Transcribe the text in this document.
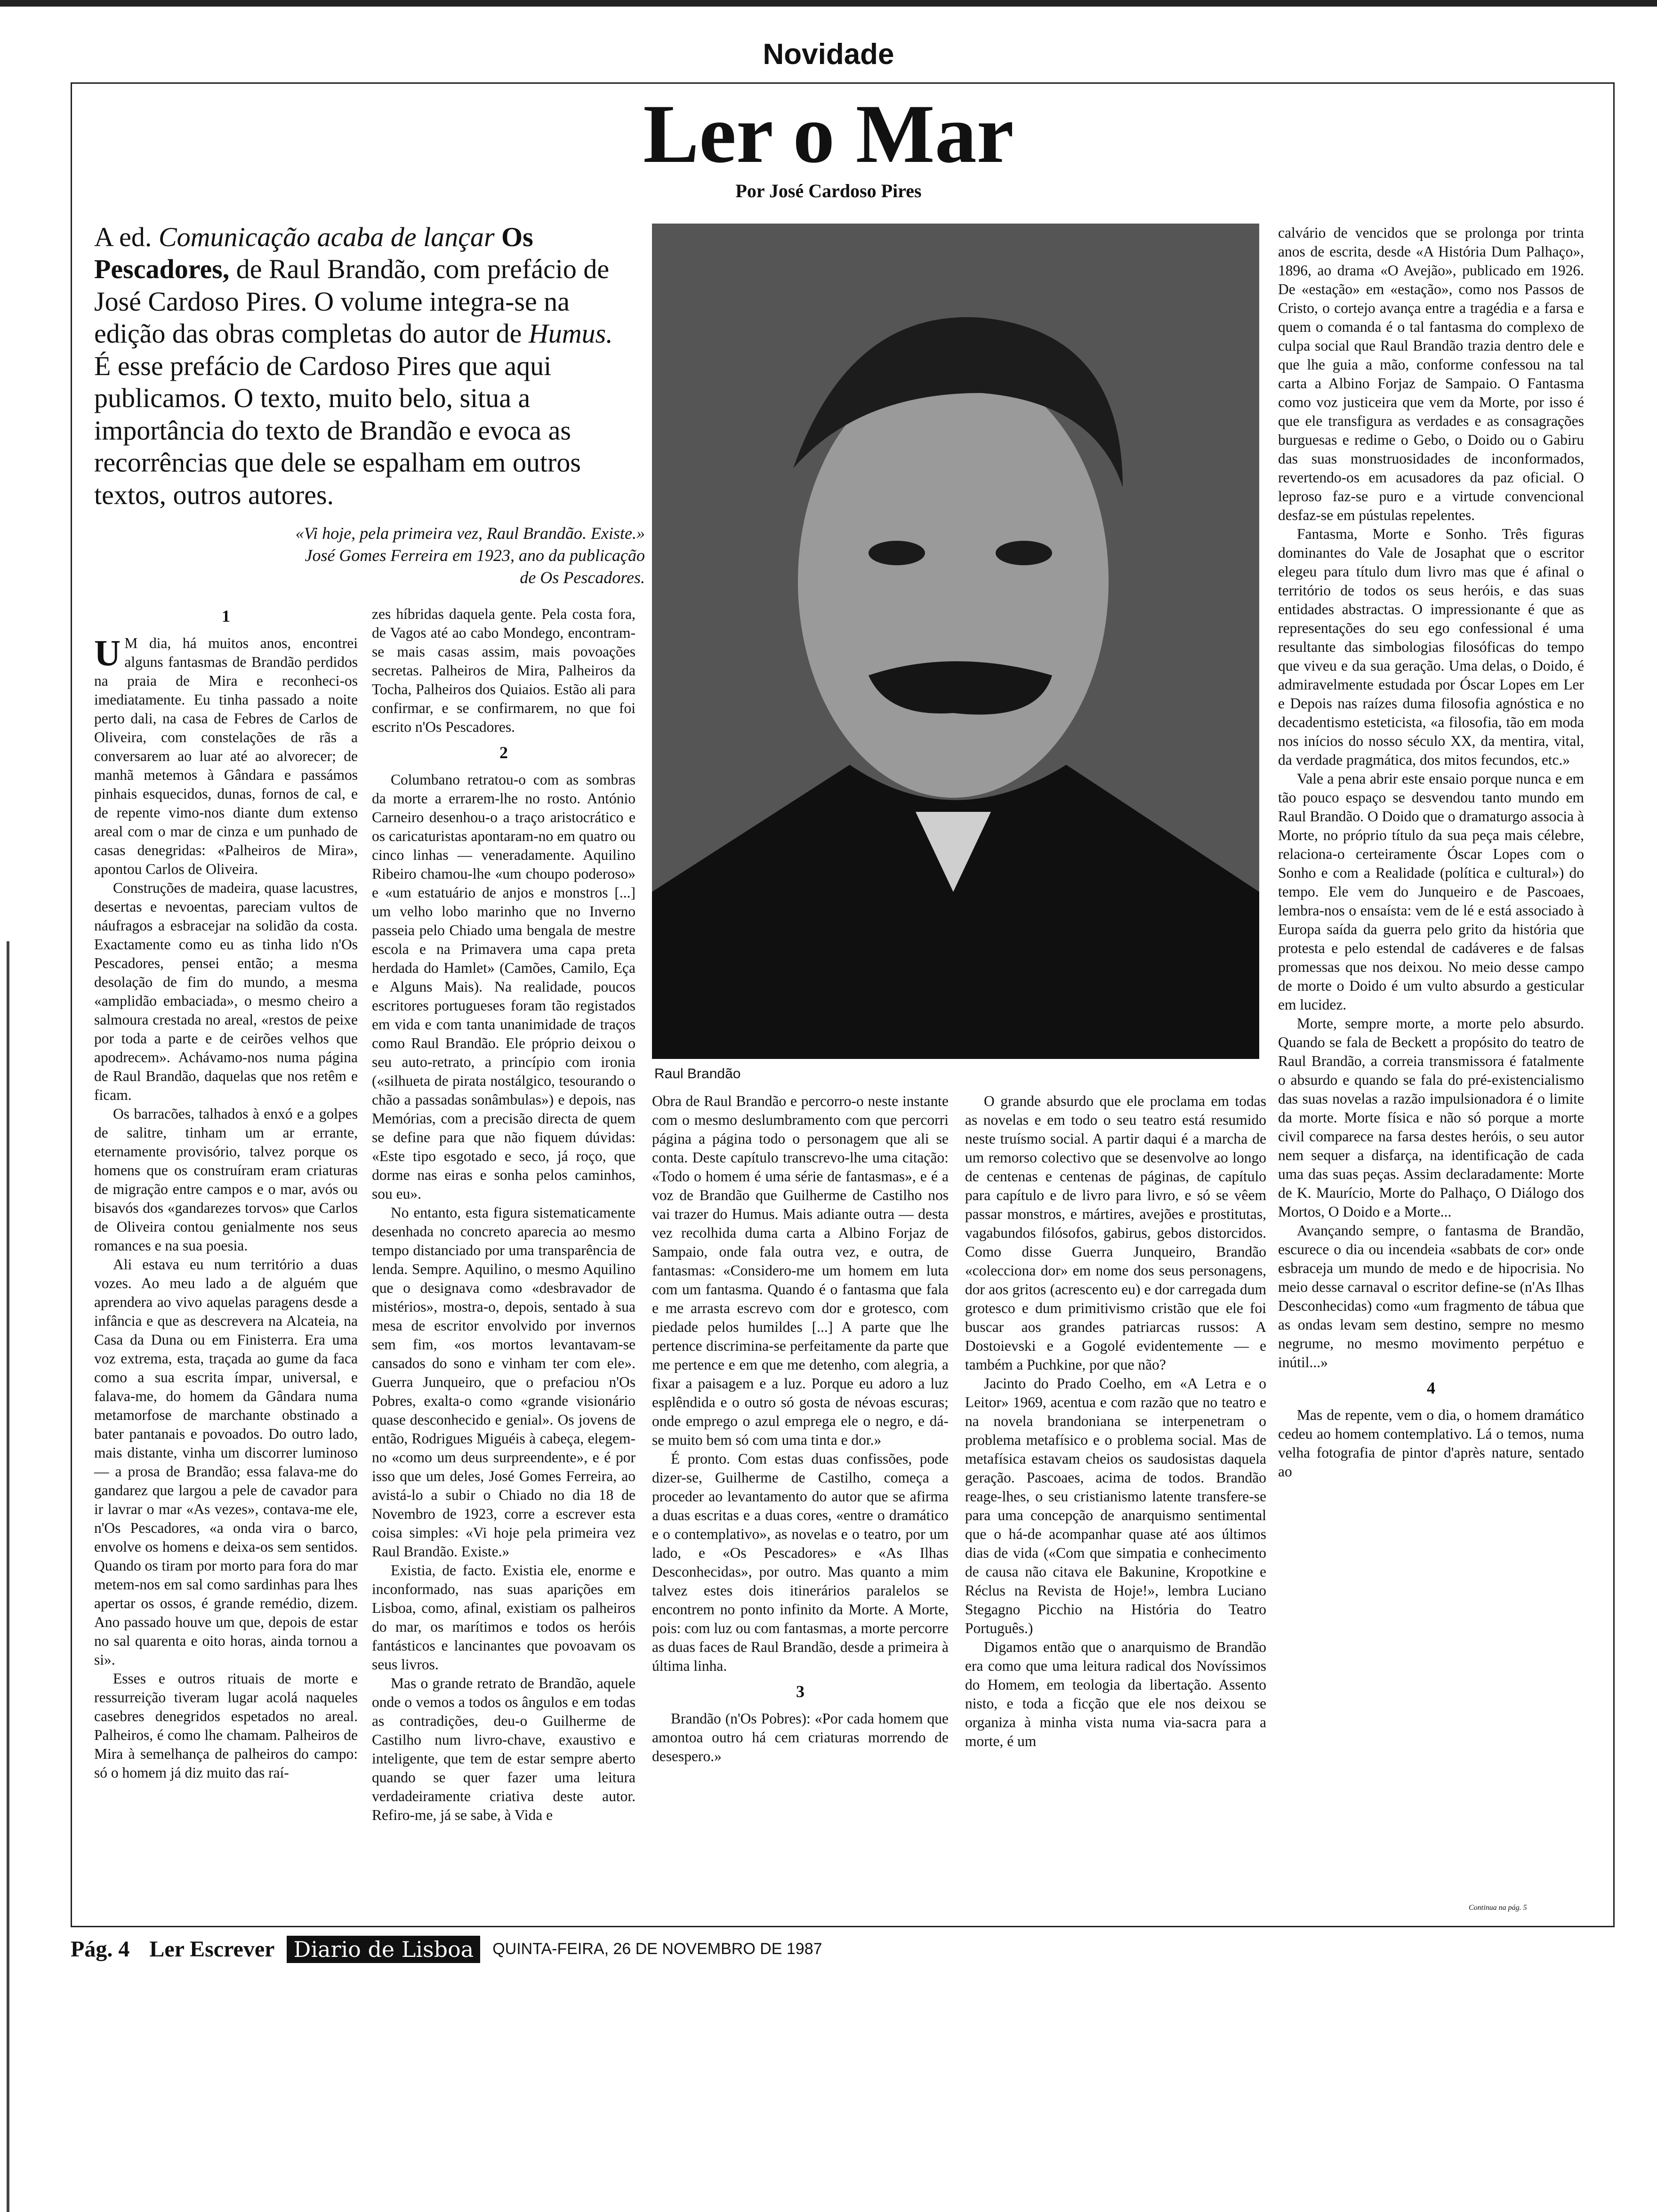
Novidade
Ler o Mar
Por José Cardoso Pires
A ed. Comunicação acaba de lançar Os Pescadores, de Raul Brandão, com prefácio de José Cardoso Pires. O volume integra-se na edição das obras completas do autor de Humus. É esse prefácio de Cardoso Pires que aqui publicamos. O texto, muito belo, situa a importância do texto de Brandão e evoca as recorrências que dele se espalham em outros textos, outros autores.
«Vi hoje, pela primeira vez, Raul Brandão. Existe.»
José Gomes Ferreira em 1923, ano da publicação
de Os Pescadores.

1

U M dia, há muitos anos, encontrei alguns fantasmas de Brandão perdidos na praia de Mira e reconheci-os imediatamente. Eu tinha passado a noite perto dali, na casa de Febres de Carlos de Oliveira, com constelações de rãs a conversarem ao luar até ao alvorecer; de manhã metemos à Gândara e passámos pinhais esquecidos, dunas, fornos de cal, e de repente vimo-nos diante dum extenso areal com o mar de cinza e um punhado de casas denegridas: «Palheiros de Mira», apontou Carlos de Oliveira.

Construções de madeira, quase lacustres, desertas e nevoentas, pareciam vultos de náufragos a esbracejar na solidão da costa. Exactamente como eu as tinha lido n'Os Pescadores, pensei então; a mesma desolação de fim do mundo, a mesma «amplidão embaciada», o mesmo cheiro a salmoura crestada no areal, «restos de peixe por toda a parte e de ceirões velhos que apodrecem». Achávamo-nos numa página de Raul Brandão, daquelas que nos retêm e ficam.

Os barracões, talhados à enxó e a golpes de salitre, tinham um ar errante, eternamente provisório, talvez porque os homens que os construíram eram criaturas de migração entre campos e o mar, avós ou bisavós dos «gandarezes torvos» que Carlos de Oliveira contou genialmente nos seus romances e na sua poesia.

Ali estava eu num território a duas vozes. Ao meu lado a de alguém que aprendera ao vivo aquelas paragens desde a infância e que as descrevera na Alcateia, na Casa da Duna ou em Finisterra. Era uma voz extrema, esta, traçada ao gume da faca como a sua escrita ímpar, universal, e falava-me, do homem da Gândara numa metamorfose de marchante obstinado a bater pantanais e povoados. Do outro lado, mais distante, vinha um discorrer luminoso — a prosa de Brandão; essa falava-me do gandarez que largou a pele de cavador para ir lavrar o mar «As vezes», contava-me ele, n'Os Pescadores, «a onda vira o barco, envolve os homens e deixa-os sem sentidos. Quando os tiram por morto para fora do mar metem-nos em sal como sardinhas para lhes apertar os ossos, é grande remédio, dizem. Ano passado houve um que, depois de estar no sal quarenta e oito horas, ainda tornou a si».

Esses e outros rituais de morte e ressurreição tiveram lugar acolá naqueles casebres denegridos espetados no areal. Palheiros, é como lhe chamam. Palheiros de Mira à semelhança de palheiros do campo: só o homem já diz muito das raí-

zes híbridas daquela gente. Pela costa fora, de Vagos até ao cabo Mondego, encontram-se mais casas assim, mais povoações secretas. Palheiros de Mira, Palheiros da Tocha, Palheiros dos Quiaios. Estão ali para confirmar, e se confirmarem, no que foi escrito n'Os Pescadores.

2

Columbano retratou-o com as sombras da morte a errarem-lhe no rosto. António Carneiro desenhou-o a traço aristocrático e os caricaturistas apontaram-no em quatro ou cinco linhas — veneradamente. Aquilino Ribeiro chamou-lhe «um choupo poderoso» e «um estatuário de anjos e monstros [...] um velho lobo marinho que no Inverno passeia pelo Chiado uma bengala de mestre escola e na Primavera uma capa preta herdada do Hamlet» (Camões, Camilo, Eça e Alguns Mais). Na realidade, poucos escritores portugueses foram tão registados em vida e com tanta unanimidade de traços como Raul Brandão. Ele próprio deixou o seu auto-retrato, a princípio com ironia («silhueta de pirata nostálgico, tesourando o chão a passadas sonâmbulas») e depois, nas Memórias, com a precisão directa de quem se define para que não fiquem dúvidas: «Este tipo esgotado e seco, já roço, que dorme nas eiras e sonha pelos caminhos, sou eu».

No entanto, esta figura sistematicamente desenhada no concreto aparecia ao mesmo tempo distanciado por uma transparência de lenda. Sempre. Aquilino, o mesmo Aquilino que o designava como «desbravador de mistérios», mostra-o, depois, sentado à sua mesa de escritor envolvido por invernos sem fim, «os mortos levantavam-se cansados do sono e vinham ter com ele». Guerra Junqueiro, que o prefaciou n'Os Pobres, exalta-o como «grande visionário quase desconhecido e genial». Os jovens de então, Rodrigues Miguéis à cabeça, elegem-no «como um deus surpreendente», e é por isso que um deles, José Gomes Ferreira, ao avistá-lo a subir o Chiado no dia 18 de Novembro de 1923, corre a escrever esta coisa simples: «Vi hoje pela primeira vez Raul Brandão. Existe.»

Existia, de facto. Existia ele, enorme e inconformado, nas suas aparições em Lisboa, como, afinal, existiam os palheiros do mar, os marítimos e todos os heróis fantásticos e lancinantes que povoavam os seus livros.

Mas o grande retrato de Brandão, aquele onde o vemos a todos os ângulos e em todas as contradições, deu-o Guilherme de Castilho num livro-chave, exaustivo e inteligente, que tem de estar sempre aberto quando se quer fazer uma leitura verdadeiramente criativa deste autor. Refiro-me, já se sabe, à Vida e

Raul Brandão

Obra de Raul Brandão e percorro-o neste instante com o mesmo deslumbramento com que percorri página a página todo o personagem que ali se conta. Deste capítulo transcrevo-lhe uma citação: «Todo o homem é uma série de fantasmas», e é a voz de Brandão que Guilherme de Castilho nos vai trazer do Humus. Mais adiante outra — desta vez recolhida duma carta a Albino Forjaz de Sampaio, onde fala outra vez, e outra, de fantasmas: «Considero-me um homem em luta com um fantasma. Quando é o fantasma que fala e me arrasta escrevo com dor e grotesco, com piedade pelos humildes [...] A parte que lhe pertence discrimina-se perfeitamente da parte que me pertence e em que me detenho, com alegria, a fixar a paisagem e a luz. Porque eu adoro a luz esplêndida e o outro só gosta de névoas escuras; onde emprego o azul emprega ele o negro, e dá-se muito bem só com uma tinta e dor.»

É pronto. Com estas duas confissões, pode dizer-se, Guilherme de Castilho, começa a proceder ao levantamento do autor que se afirma a duas escritas e a duas cores, «entre o dramático e o contemplativo», as novelas e o teatro, por um lado, e «Os Pescadores» e «As Ilhas Desconhecidas», por outro. Mas quanto a mim talvez estes dois itinerários paralelos se encontrem no ponto infinito da Morte. A Morte, pois: com luz ou com fantasmas, a morte percorre as duas faces de Raul Brandão, desde a primeira à última linha.

3

Brandão (n'Os Pobres): «Por cada homem que amontoa outro há cem criaturas morrendo de desespero.»

O grande absurdo que ele proclama em todas as novelas e em todo o seu teatro está resumido neste truísmo social. A partir daqui é a marcha de um remorso colectivo que se desenvolve ao longo de centenas e centenas de páginas, de capítulo para capítulo e de livro para livro, e só se vêem passar monstros, e mártires, avejões e prostitutas, vagabundos filósofos, gabirus, gebos distorcidos. Como disse Guerra Junqueiro, Brandão «colecciona dor» em nome dos seus personagens, dor aos gritos (acrescento eu) e dor carregada dum grotesco e dum primitivismo cristão que ele foi buscar aos grandes patriarcas russos: A Dostoievski e a Gogolé evidentemente — e também a Puchkine, por que não?

Jacinto do Prado Coelho, em «A Letra e o Leitor» 1969, acentua e com razão que no teatro e na novela brandoniana se interpenetram o problema metafísico e o problema social. Mas de metafísica estavam cheios os saudosistas daquela geração. Pascoaes, acima de todos. Brandão reage-lhes, o seu cristianismo latente transfere-se para uma concepção de anarquismo sentimental que o há-de acompanhar quase até aos últimos dias de vida («Com que simpatia e conhecimento de causa não citava ele Bakunine, Kropotkine e Réclus na Revista de Hoje!», lembra Luciano Stegagno Picchio na História do Teatro Português.)

Digamos então que o anarquismo de Brandão era como que uma leitura radical dos Novíssimos do Homem, em teologia da libertação. Assento nisto, e toda a ficção que ele nos deixou se organiza à minha vista numa via-sacra para a morte, é um

calvário de vencidos que se prolonga por trinta anos de escrita, desde «A História Dum Palhaço», 1896, ao drama «O Avejão», publicado em 1926. De «estação» em «estação», como nos Passos de Cristo, o cortejo avança entre a tragédia e a farsa e quem o comanda é o tal fantasma do complexo de culpa social que Raul Brandão trazia dentro dele e que lhe guia a mão, conforme confessou na tal carta a Albino Forjaz de Sampaio. O Fantasma como voz justiceira que vem da Morte, por isso é que ele transfigura as verdades e as consagrações burguesas e redime o Gebo, o Doido ou o Gabiru das suas monstruosidades de inconformados, revertendo-os em acusadores da paz oficial. O leproso faz-se puro e a virtude convencional desfaz-se em pústulas repelentes.

Fantasma, Morte e Sonho. Três figuras dominantes do Vale de Josaphat que o escritor elegeu para título dum livro mas que é afinal o território de todos os seus heróis, e das suas entidades abstractas. O impressionante é que as representações do seu ego confessional é uma resultante das simbologias filosóficas do tempo que viveu e da sua geração. Uma delas, o Doido, é admiravelmente estudada por Óscar Lopes em Ler e Depois nas raízes duma filosofia agnóstica e no decadentismo esteticista, «a filosofia, tão em moda nos inícios do nosso século XX, da mentira, vital, da verdade pragmática, dos mitos fecundos, etc.»

Vale a pena abrir este ensaio porque nunca e em tão pouco espaço se desvendou tanto mundo em Raul Brandão. O Doido que o dramaturgo associa à Morte, no próprio título da sua peça mais célebre, relaciona-o certeiramente Óscar Lopes com o Sonho e com a Realidade (política e cultural») do tempo. Ele vem do Junqueiro e de Pascoaes, lembra-nos o ensaísta: vem de lé e está associado à Europa saída da guerra pelo grito da história que protesta e pelo estendal de cadáveres e de falsas promessas que nos deixou. No meio desse campo de morte o Doido é um vulto absurdo a gesticular em lucidez.

Morte, sempre morte, a morte pelo absurdo. Quando se fala de Beckett a propósito do teatro de Raul Brandão, a correia transmissora é fatalmente o absurdo e quando se fala do pré-existencialismo das suas novelas a razão impulsionadora é o limite da morte. Morte física e não só porque a morte civil comparece na farsa destes heróis, o seu autor nem sequer a disfarça, na identificação de cada uma das suas peças. Assim declaradamente: Morte de K. Maurício, Morte do Palhaço, O Diálogo dos Mortos, O Doido e a Morte...

Avançando sempre, o fantasma de Brandão, escurece o dia ou incendeia «sabbats de cor» onde esbraceja um mundo de medo e de hipocrisia. No meio desse carnaval o escritor define-se (n'As Ilhas Desconhecidas) como «um fragmento de tábua que as ondas levam sem destino, sempre no mesmo negrume, no mesmo movimento perpétuo e inútil...»

4

Mas de repente, vem o dia, o homem dramático cedeu ao homem contemplativo. Lá o temos, numa velha fotografia de pintor d'après nature, sentado ao

Continua na pág. 5
Pág. 4 Ler Escrever Diario de Lisboa QUINTA-FEIRA, 26 DE NOVEMBRO DE 1987
